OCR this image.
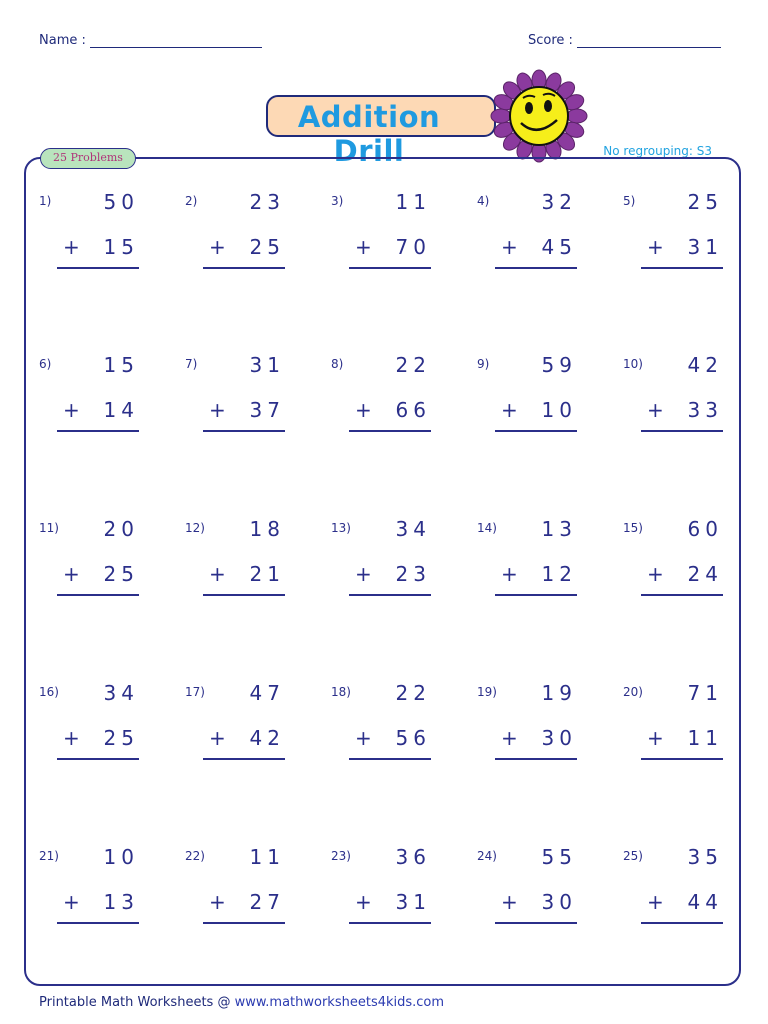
Name :	Score :
Addition Drill	No regrouping: S3
25 Problems
1)	50
+	15
2)	23
+	25
3)	11
+	70
4)	32
+	45
5)	25
+	31
6)	15
+	14
7)	31
+	37
8)	22
+	66
9)	59
+	10
10)	42
+	33
11)	20
+	25
12)	18
+	21
13)	34
+	23
14)	13
+	12
15)	60
+	24
16)	34
+	25
17)	47
+	42
18)	22
+	56
19)	19
+	30
20)	71
+	11
21)	10
+	13
22)	11
+	27
23)	36
+	31
24)	55
+	30
25)	35
+	44
Printable Math Worksheets @ www.mathworksheets4kids.com
